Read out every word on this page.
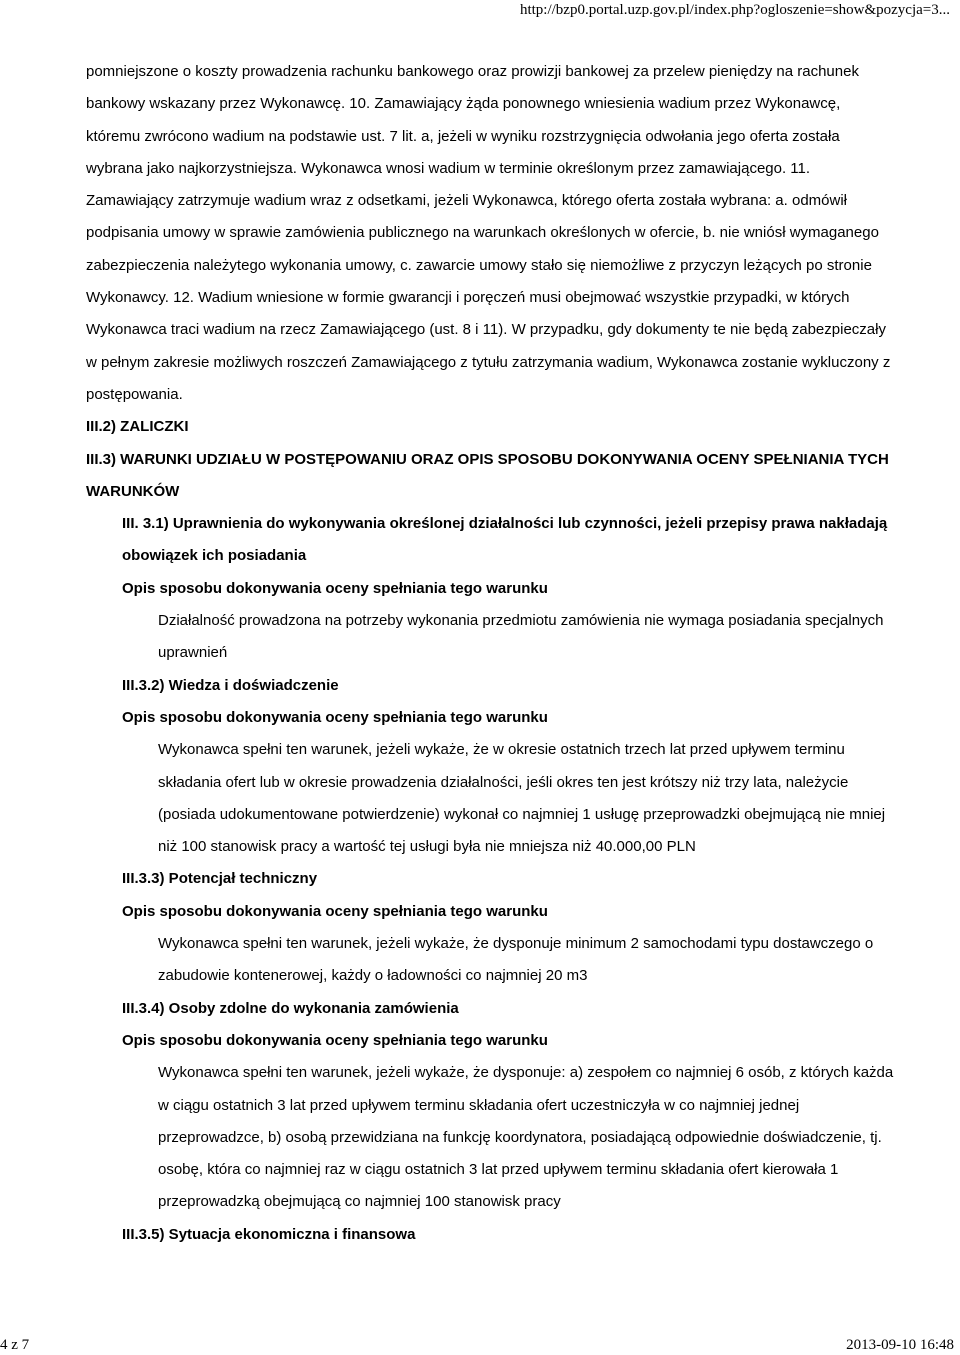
http://bzp0.portal.uzp.gov.pl/index.php?ogloszenie=show&pozycja=3...

pomniejszone o koszty prowadzenia rachunku bankowego oraz prowizji bankowej za przelew pieniędzy na rachunek bankowy wskazany przez Wykonawcę. 10. Zamawiający żąda ponownego wniesienia wadium przez Wykonawcę, któremu zwrócono wadium na podstawie ust. 7 lit. a, jeżeli w wyniku rozstrzygnięcia odwołania jego oferta została wybrana jako najkorzystniejsza. Wykonawca wnosi wadium w terminie określonym przez zamawiającego. 11. Zamawiający zatrzymuje wadium wraz z odsetkami, jeżeli Wykonawca, którego oferta została wybrana: a. odmówił podpisania umowy w sprawie zamówienia publicznego na warunkach określonych w ofercie, b. nie wniósł wymaganego zabezpieczenia należytego wykonania umowy, c. zawarcie umowy stało się niemożliwe z przyczyn leżących po stronie Wykonawcy. 12. Wadium wniesione w formie gwarancji i poręczeń musi obejmować wszystkie przypadki, w których Wykonawca traci wadium na rzecz Zamawiającego (ust. 8 i 11). W przypadku, gdy dokumenty te nie będą zabezpieczały w pełnym zakresie możliwych roszczeń Zamawiającego z tytułu zatrzymania wadium, Wykonawca zostanie wykluczony z postępowania.

III.2) ZALICZKI

III.3) WARUNKI UDZIAŁU W POSTĘPOWANIU ORAZ OPIS SPOSOBU DOKONYWANIA OCENY SPEŁNIANIA TYCH WARUNKÓW

III. 3.1) Uprawnienia do wykonywania określonej działalności lub czynności, jeżeli przepisy prawa nakładają obowiązek ich posiadania

Opis sposobu dokonywania oceny spełniania tego warunku

Działalność prowadzona na potrzeby wykonania przedmiotu zamówienia nie wymaga posiadania specjalnych uprawnień

III.3.2) Wiedza i doświadczenie

Opis sposobu dokonywania oceny spełniania tego warunku

Wykonawca spełni ten warunek, jeżeli wykaże, że w okresie ostatnich trzech lat przed upływem terminu składania ofert lub w okresie prowadzenia działalności, jeśli okres ten jest krótszy niż trzy lata, należycie (posiada udokumentowane potwierdzenie) wykonał co najmniej 1 usługę przeprowadzki obejmującą nie mniej niż 100 stanowisk pracy a wartość tej usługi była nie mniejsza niż 40.000,00 PLN

III.3.3) Potencjał techniczny

Opis sposobu dokonywania oceny spełniania tego warunku

Wykonawca spełni ten warunek, jeżeli wykaże, że dysponuje minimum 2 samochodami typu dostawczego o zabudowie kontenerowej, każdy o ładowności co najmniej 20 m3

III.3.4) Osoby zdolne do wykonania zamówienia

Opis sposobu dokonywania oceny spełniania tego warunku

Wykonawca spełni ten warunek, jeżeli wykaże, że dysponuje: a) zespołem co najmniej 6 osób, z których każda w ciągu ostatnich 3 lat przed upływem terminu składania ofert uczestniczyła w co najmniej jednej przeprowadzce, b) osobą przewidziana na funkcję koordynatora, posiadającą odpowiednie doświadczenie, tj. osobę, która co najmniej raz w ciągu ostatnich 3 lat przed upływem terminu składania ofert kierowała 1 przeprowadzką obejmującą co najmniej 100 stanowisk pracy

III.3.5) Sytuacja ekonomiczna i finansowa

4 z 7	2013-09-10 16:48
